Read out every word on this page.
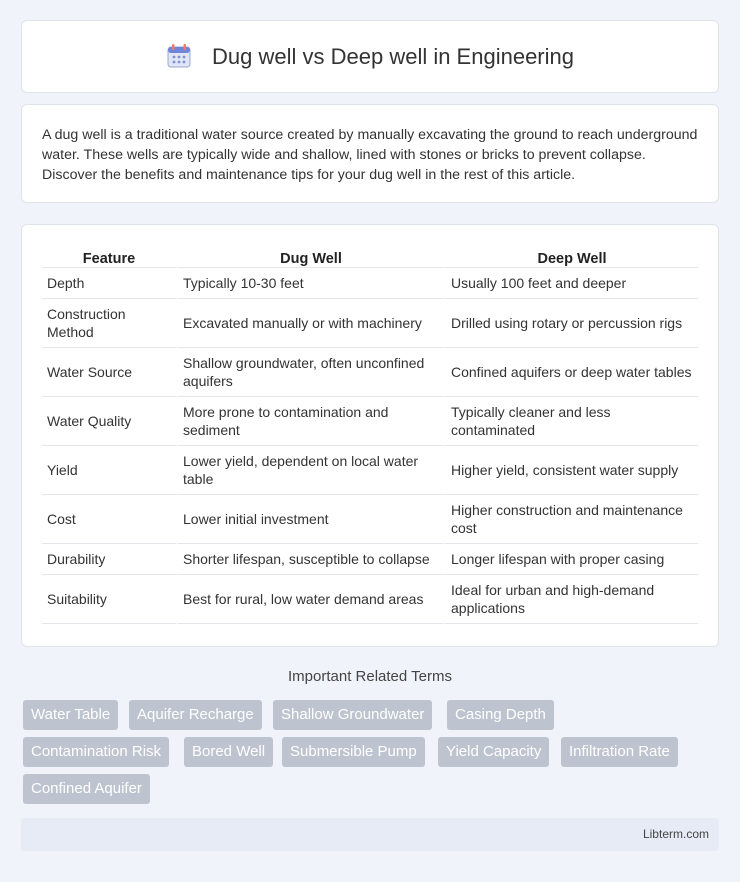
Dug well vs Deep well in Engineering

A dug well is a traditional water source created by manually excavating the ground to reach underground water. These wells are typically wide and shallow, lined with stones or bricks to prevent collapse. Discover the benefits and maintenance tips for your dug well in the rest of this article.

Feature	Dug Well	Deep Well
Depth	Typically 10-30 feet	Usually 100 feet and deeper
Construction Method	Excavated manually or with machinery	Drilled using rotary or percussion rigs
Water Source	Shallow groundwater, often unconfined aquifers	Confined aquifers or deep water tables
Water Quality	More prone to contamination and sediment	Typically cleaner and less contaminated
Yield	Lower yield, dependent on local water table	Higher yield, consistent water supply
Cost	Lower initial investment	Higher construction and maintenance cost
Durability	Shorter lifespan, susceptible to collapse	Longer lifespan with proper casing
Suitability	Best for rural, low water demand areas	Ideal for urban and high-demand applications
Important Related Terms
Water Table	Aquifer Recharge	Shallow Groundwater	Casing Depth
Contamination Risk	Bored Well	Submersible Pump	Yield Capacity	Infiltration Rate
Confined Aquifer
Libterm.com
